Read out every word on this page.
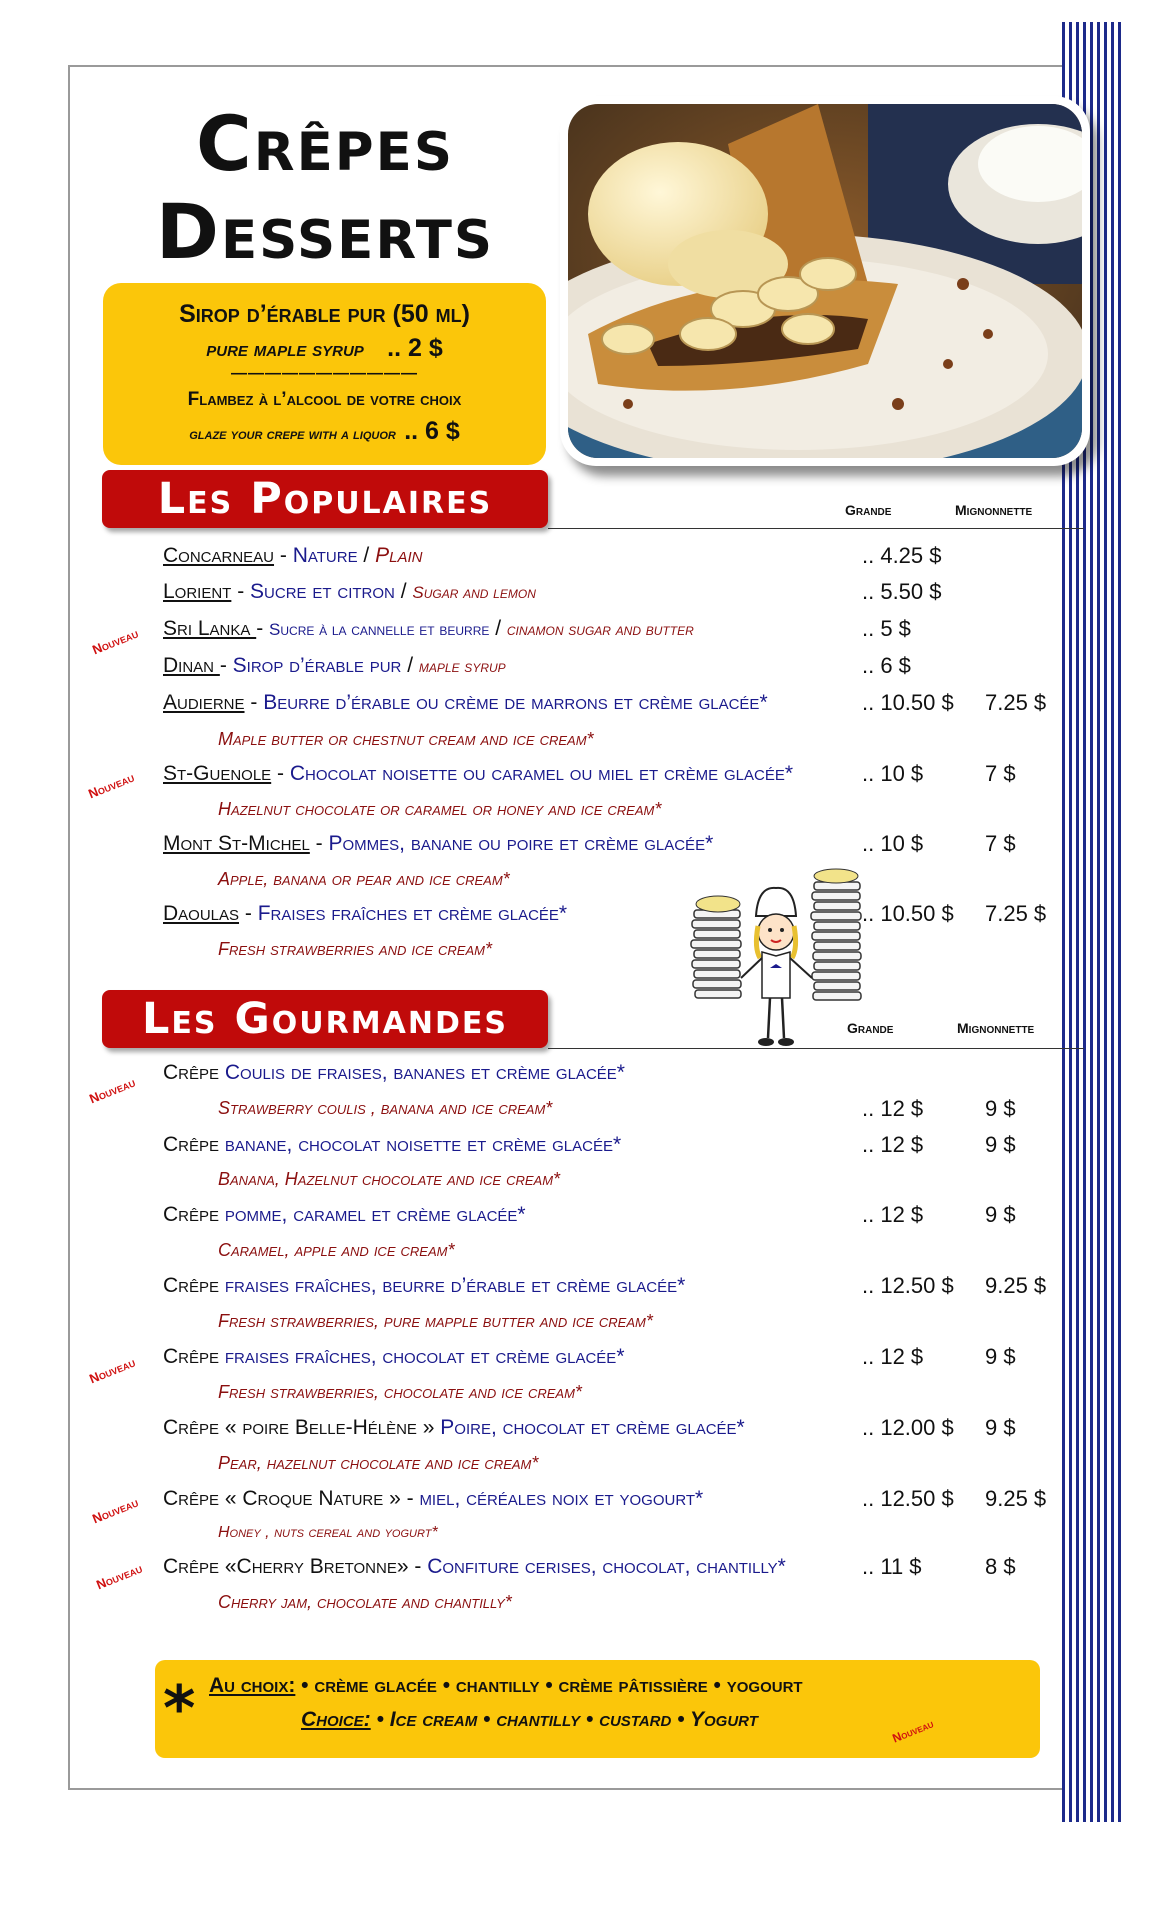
Crêpes
Desserts
Sirop d’érable pur (50 ml)
pure maple syrup .. 2 $
———————————
Flambez à l’alcool de votre choix
glaze your crepe with a liquor .. 6 $
Les Populaires	Grande	Mignonnette
Concarneau - Nature / Plain	.. 4.25 $
Lorient - Sucre et citron / Sugar and lemon	.. 5.50 $
Nouveau Sri Lanka - Sucre à la cannelle et beurre / cinamon sugar and butter	.. 5 $
Dinan - Sirop d’érable pur / maple syrup	.. 6 $
Audierne - Beurre d’érable ou crème de marrons et crème glacée*	.. 10.50 $ 7.25 $
Maple butter or chestnut cream and ice cream*
Nouveau St-Guenole - Chocolat noisette ou caramel ou miel et crème glacée*	.. 10 $	7 $
Hazelnut chocolate or caramel or honey and ice cream*
Mont St-Michel - Pommes, banane ou poire et crème glacée*	.. 10 $	7 $
Apple, banana or pear and ice cream*
Daoulas - Fraises fraîches et crème glacée*	.. 10.50 $ 7.25 $
Fresh strawberries and ice cream*
Les Gourmandes	Grande	Mignonnette
Nouveau
Crêpe Coulis de fraises, bananes et crème glacée*
Strawberry coulis , banana and ice cream*	.. 12 $	9 $
Crêpe banane, chocolat noisette et crème glacée*	.. 12 $	9 $
Banana, Hazelnut chocolate and ice cream*
Crêpe pomme, caramel et crème glacée*	.. 12 $	9 $
Caramel, apple and ice cream*
Crêpe fraises fraîches, beurre d’érable et crème glacée*	.. 12.50 $ 9.25 $
Fresh strawberries, pure mapple butter and ice cream*
Nouveau Crêpe fraises fraîches, chocolat et crème glacée*	.. 12 $	9 $
Fresh strawberries, chocolate and ice cream*
Crêpe « poire Belle-Hélène » Poire, chocolat et crème glacée*	.. 12.00 $ 9 $
Pear, hazelnut chocolate and ice cream*
Nouveau Crêpe « Croque Nature » - miel, céréales noix et yogourt*	.. 12.50 $ 9.25 $
Honey , nuts cereal and yogurt*
Nouveau Crêpe «Cherry Bretonne» - Confiture cerises, chocolat, chantilly*	.. 11 $	8 $
Cherry jam, chocolate and chantilly*
* Au choix: • crème glacée • chantilly • crème pâtissière • yogourt
Choice: • Ice cream • chantilly • custard • Yogurt	Nouveau
